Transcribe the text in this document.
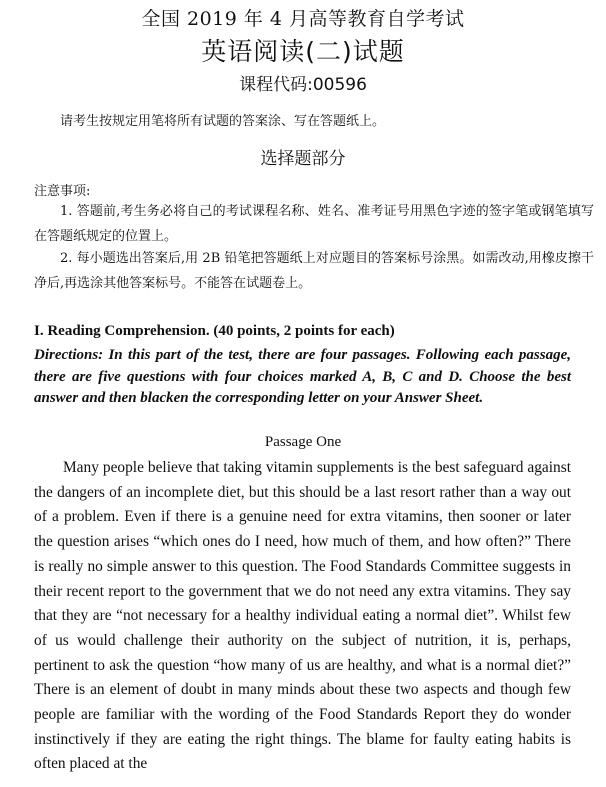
全国 2019 年 4 月高等教育自学考试
英语阅读(二)试题
课程代码:00596
请考生按规定用笔将所有试题的答案涂、写在答题纸上。
选择题部分
注意事项:
1. 答题前,考生务必将自己的考试课程名称、姓名、准考证号用黑色字迹的签字笔或钢笔填写在答题纸规定的位置上。
2. 每小题选出答案后,用 2B 铅笔把答题纸上对应题目的答案标号涂黑。如需改动,用橡皮擦干净后,再选涂其他答案标号。不能答在试题卷上。
I. Reading Comprehension. (40 points, 2 points for each)
Directions: In this part of the test, there are four passages. Following each passage, there are five questions with four choices marked A, B, C and D. Choose the best answer and then blacken the corresponding letter on your Answer Sheet.
Passage One

Many people believe that taking vitamin supplements is the best safeguard against the dangers of an incomplete diet, but this should be a last resort rather than a way out of a problem. Even if there is a genuine need for extra vitamins, then sooner or later the question arises “which ones do I need, how much of them, and how often?” There is really no simple answer to this question. The Food Standards Committee suggests in their recent report to the government that we do not need any extra vitamins. They say that they are “not necessary for a healthy individual eating a normal diet”. Whilst few of us would challenge their authority on the subject of nutrition, it is, perhaps, pertinent to ask the question “how many of us are healthy, and what is a normal diet?” There is an element of doubt in many minds about these two aspects and though few people are familiar with the wording of the Food Standards Report they do wonder instinctively if they are eating the right things. The blame for faulty eating habits is often placed at the
